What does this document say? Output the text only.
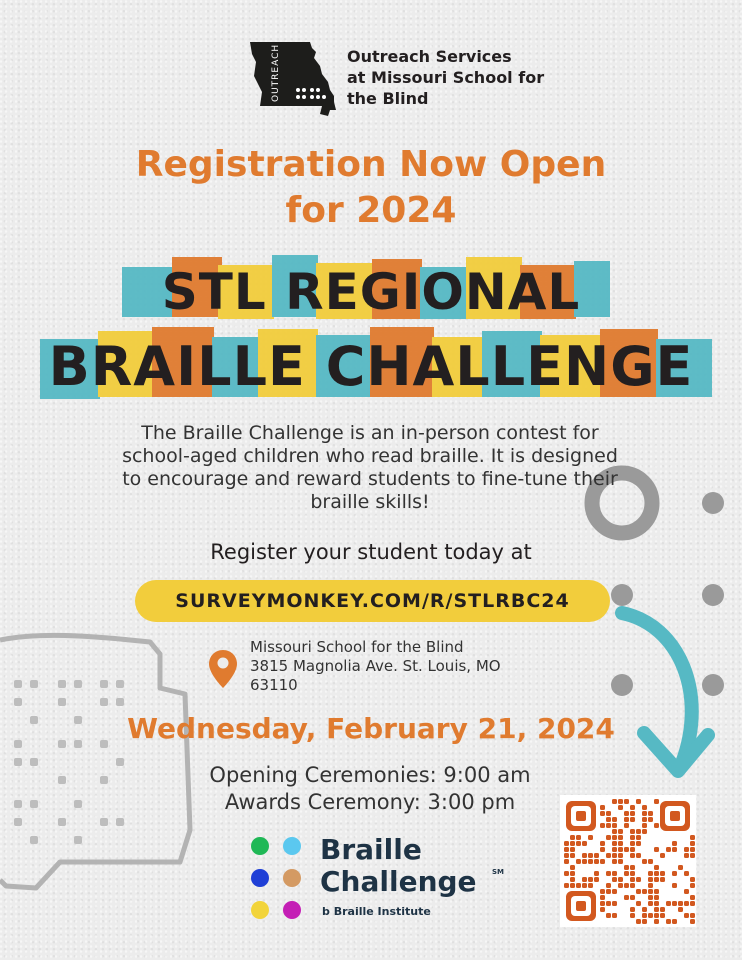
OUTREACH	Outreach Services
at Missouri School for
the Blind
Registration Now Open
for 2024
STL REGIONAL
BRAILLE CHALLENGE
The Braille Challenge is an in-person contest for school-aged children who read braille. It is designed to encourage and reward students to fine-tune their braille skills!
Register your student today at
SURVEYMONKEY.COM/R/STLRBC24
Missouri School for the Blind
3815 Magnolia Ave. St. Louis, MO
63110
Wednesday, February 21, 2024
Opening Ceremonies: 9:00 am
Awards Ceremony: 3:00 pm
Braille
Challenge	SM
b Braille Institute
